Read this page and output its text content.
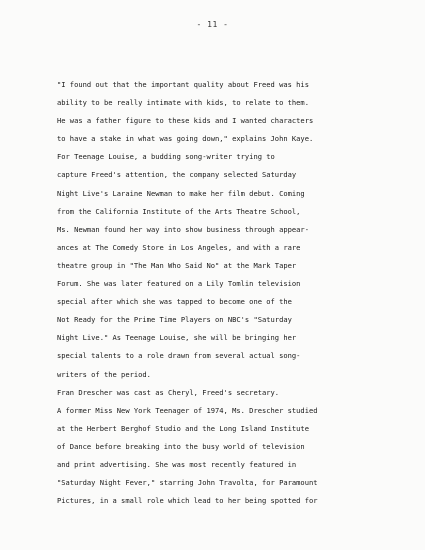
- 11 -
"I found out that the important quality about Freed was his
ability to be really intimate with kids, to relate to them.
He was a father figure to these kids and I wanted characters
to have a stake in what was going down," explains John Kaye.
For Teenage Louise, a budding song-writer trying to
capture Freed's attention, the company selected Saturday
Night Live's Laraine Newman to make her film debut. Coming
from the California Institute of the Arts Theatre School,
Ms. Newman found her way into show business through appear-
ances at The Comedy Store in Los Angeles, and with a rare
theatre group in "The Man Who Said No" at the Mark Taper
Forum. She was later featured on a Lily Tomlin television
special after which she was tapped to become one of the
Not Ready for the Prime Time Players on NBC's "Saturday
Night Live." As Teenage Louise, she will be bringing her
special talents to a role drawn from several actual song-
writers of the period.
Fran Drescher was cast as Cheryl, Freed's secretary.
A former Miss New York Teenager of 1974, Ms. Drescher studied
at the Herbert Berghof Studio and the Long Island Institute
of Dance before breaking into the busy world of television
and print advertising. She was most recently featured in
"Saturday Night Fever," starring John Travolta, for Paramount
Pictures, in a small role which lead to her being spotted for
